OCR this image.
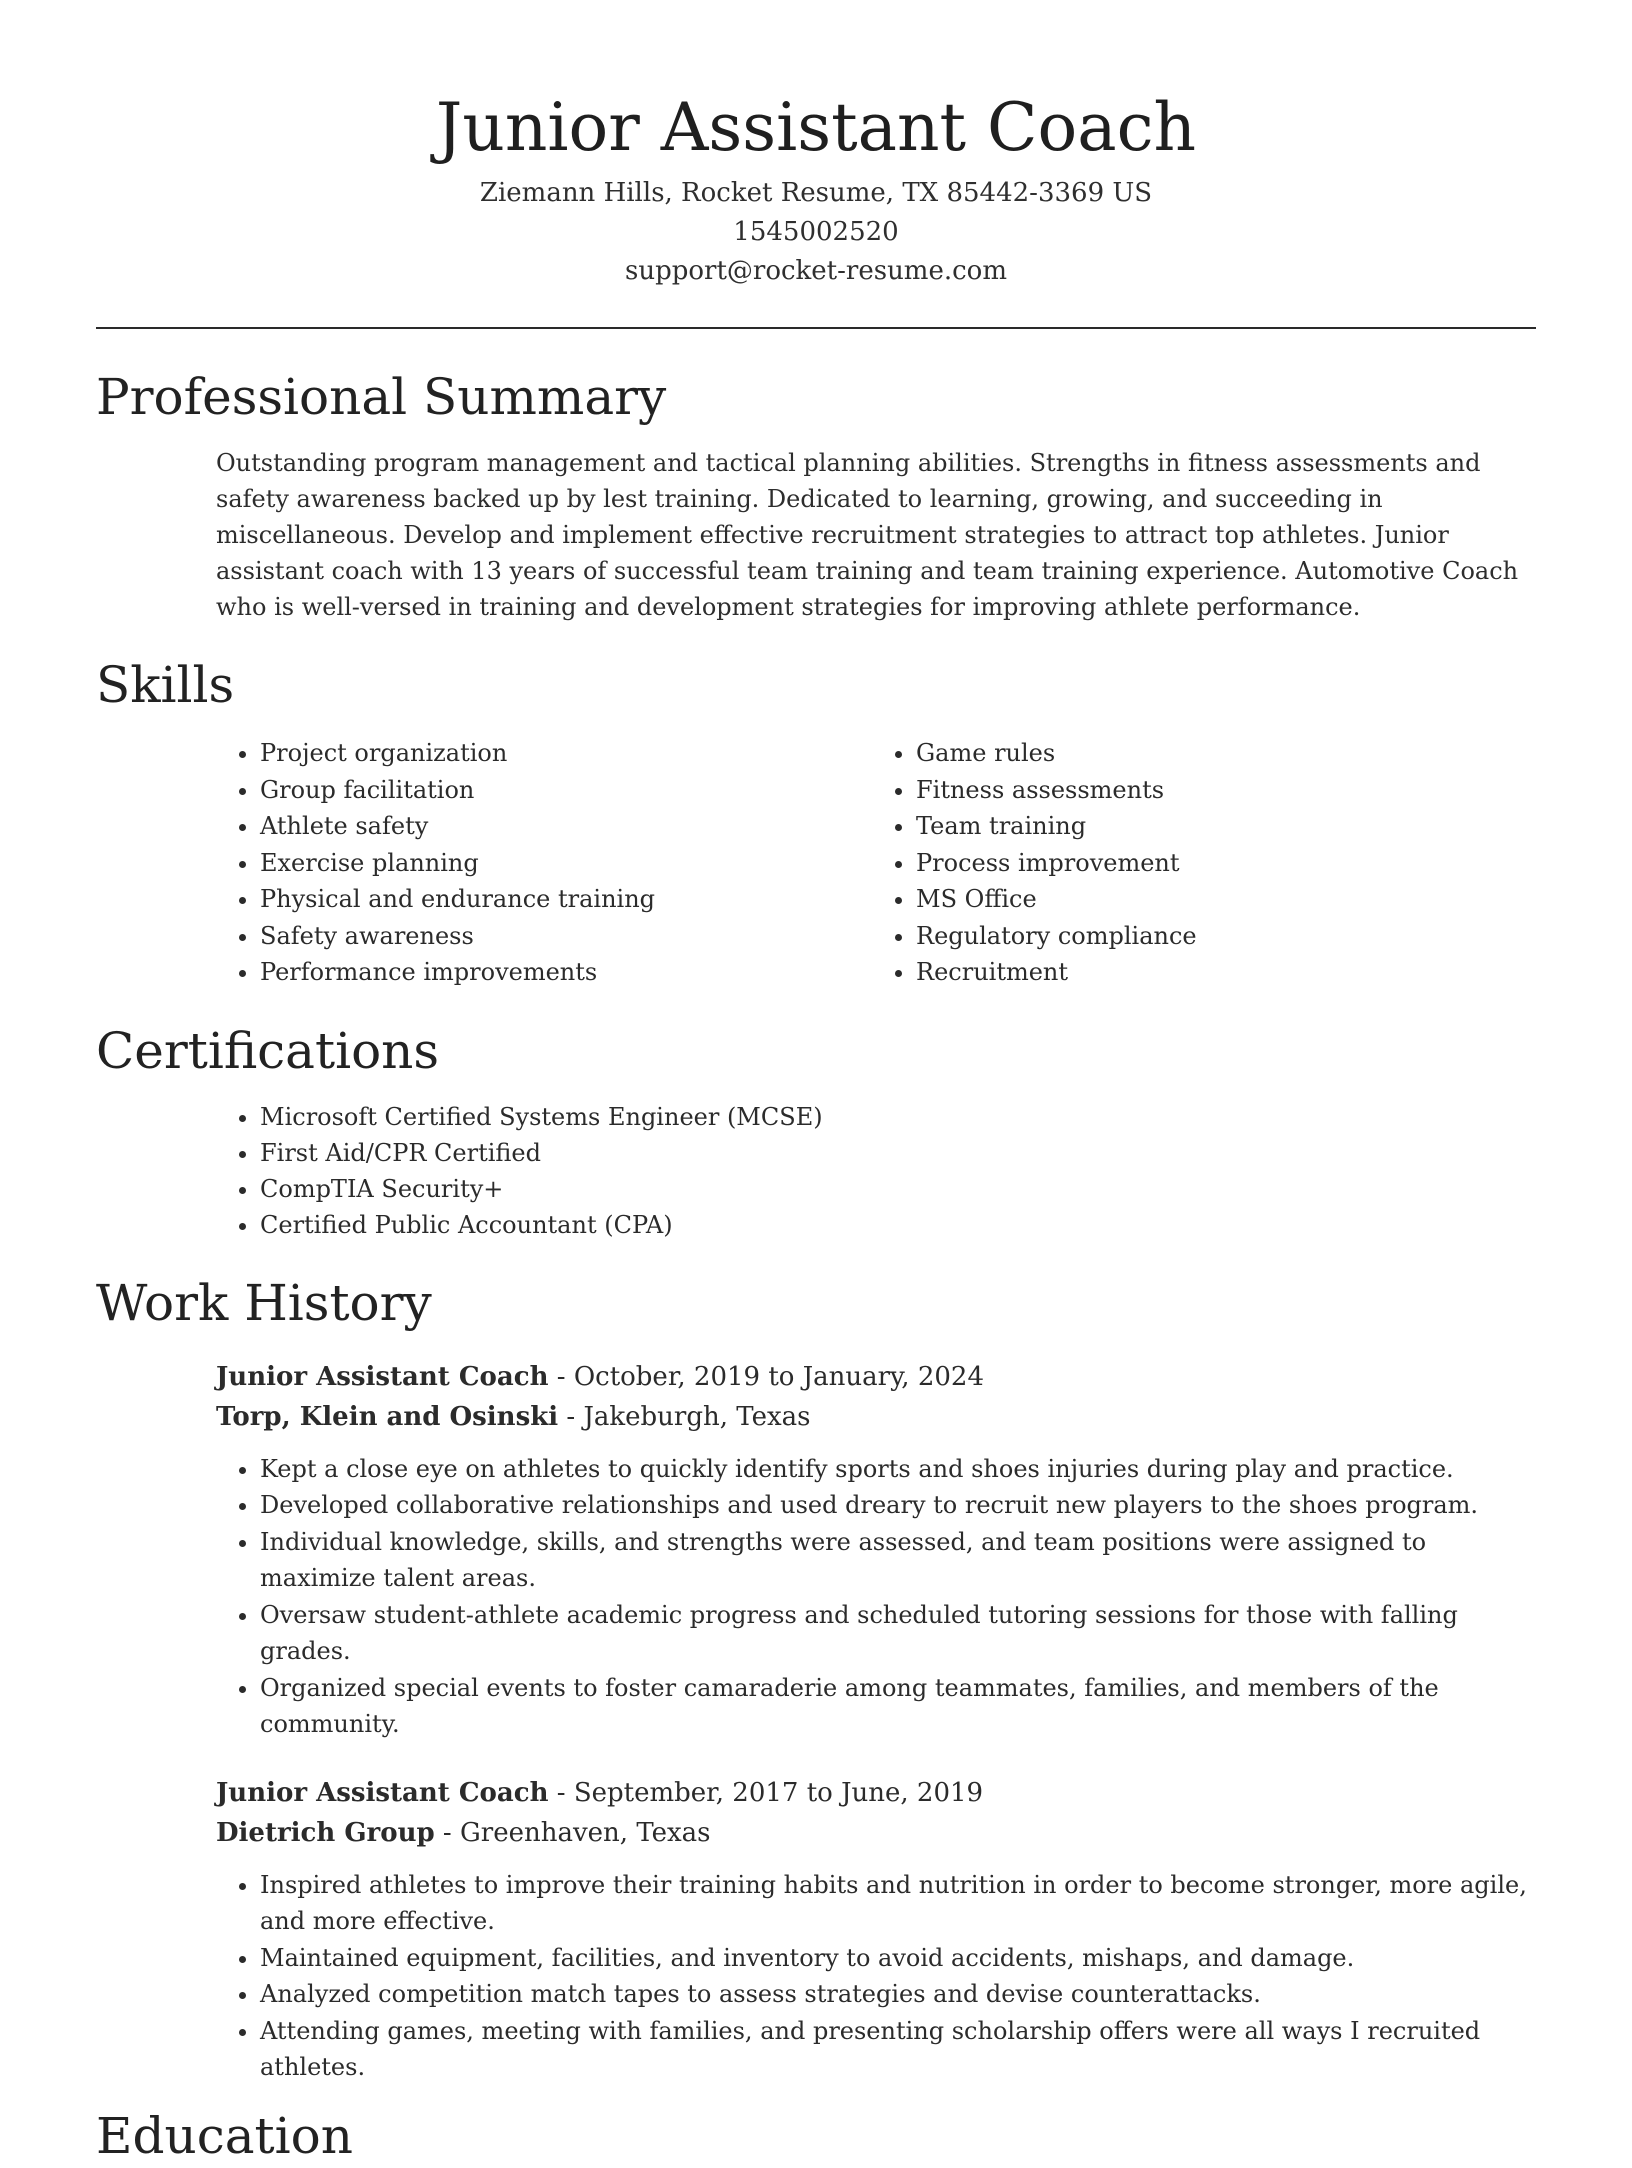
Junior Assistant Coach
Ziemann Hills, Rocket Resume, TX 85442-3369 US
1545002520
support@rocket-resume.com
Professional Summary
Outstanding program management and tactical planning abilities. Strengths in fitness assessments and safety awareness backed up by lest training. Dedicated to learning, growing, and succeeding in miscellaneous. Develop and implement effective recruitment strategies to attract top athletes. Junior assistant coach with 13 years of successful team training and team training experience. Automotive Coach who is well-versed in training and development strategies for improving athlete performance.
Skills
• Project organization
• Group facilitation
• Athlete safety
• Exercise planning
• Physical and endurance training
• Safety awareness
• Performance improvements
• Game rules
• Fitness assessments
• Team training
• Process improvement
• MS Office
• Regulatory compliance
• Recruitment
Certifications
• Microsoft Certified Systems Engineer (MCSE)
• First Aid/CPR Certified
• CompTIA Security+
• Certified Public Accountant (CPA)
Work History
Junior Assistant Coach - October, 2019 to January, 2024
Torp, Klein and Osinski - Jakeburgh, Texas
• Kept a close eye on athletes to quickly identify sports and shoes injuries during play and practice.
• Developed collaborative relationships and used dreary to recruit new players to the shoes program.
• Individual knowledge, skills, and strengths were assessed, and team positions were assigned to maximize talent areas.
• Oversaw student-athlete academic progress and scheduled tutoring sessions for those with falling grades.
• Organized special events to foster camaraderie among teammates, families, and members of the community.
Junior Assistant Coach - September, 2017 to June, 2019
Dietrich Group - Greenhaven, Texas
• Inspired athletes to improve their training habits and nutrition in order to become stronger, more agile, and more effective.
• Maintained equipment, facilities, and inventory to avoid accidents, mishaps, and damage.
• Analyzed competition match tapes to assess strategies and devise counterattacks.
• Attending games, meeting with families, and presenting scholarship offers were all ways I recruited athletes.
Education
